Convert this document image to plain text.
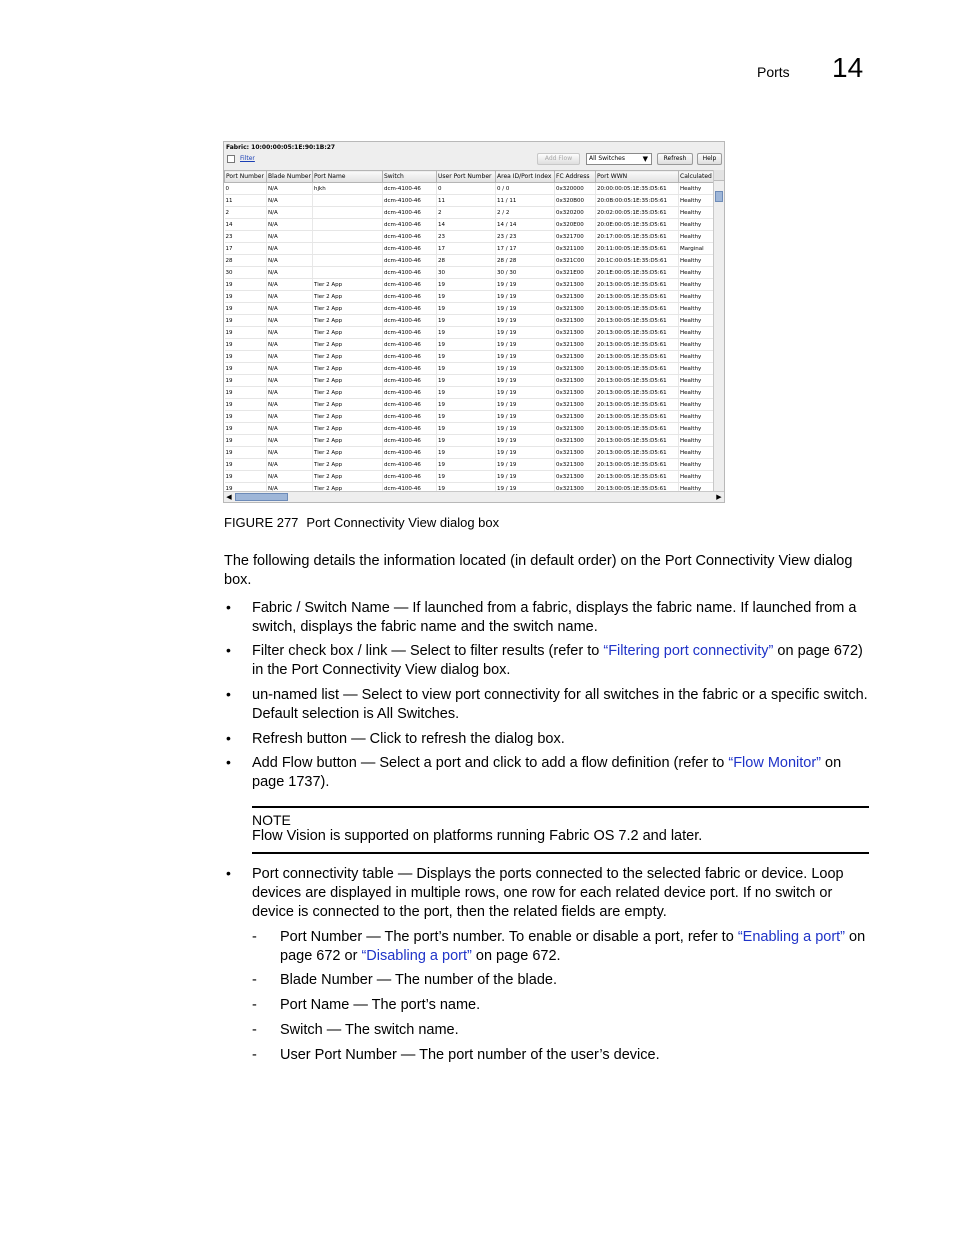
Ports 14
Fabric: 10:00:00:05:1E:90:1B:27
Filter	Add Flow	All Switches	▼	Refresh	Help
Port Number	Blade Number	Port Name	Switch	User Port Number	Area ID/Port Index	FC Address	Port WWN	Calculated
0	N/A	hjkh	dcm-4100-46	0	0 / 0	0x320000	20:00:00:05:1E:35:D5:61	Healthy
11	N/A		dcm-4100-46	11	11 / 11	0x320B00	20:0B:00:05:1E:35:D5:61	Healthy
2	N/A		dcm-4100-46	2	2 / 2	0x320200	20:02:00:05:1E:35:D5:61	Healthy
14	N/A		dcm-4100-46	14	14 / 14	0x320E00	20:0E:00:05:1E:35:D5:61	Healthy
23	N/A		dcm-4100-46	23	23 / 23	0x321700	20:17:00:05:1E:35:D5:61	Healthy
17	N/A		dcm-4100-46	17	17 / 17	0x321100	20:11:00:05:1E:35:D5:61	Marginal
28	N/A		dcm-4100-46	28	28 / 28	0x321C00	20:1C:00:05:1E:35:D5:61	Healthy
30	N/A		dcm-4100-46	30	30 / 30	0x321E00	20:1E:00:05:1E:35:D5:61	Healthy
19	N/A	Tier 2 App	dcm-4100-46	19	19 / 19	0x321300	20:13:00:05:1E:35:D5:61	Healthy
19	N/A	Tier 2 App	dcm-4100-46	19	19 / 19	0x321300	20:13:00:05:1E:35:D5:61	Healthy
19	N/A	Tier 2 App	dcm-4100-46	19	19 / 19	0x321300	20:13:00:05:1E:35:D5:61	Healthy
19	N/A	Tier 2 App	dcm-4100-46	19	19 / 19	0x321300	20:13:00:05:1E:35:D5:61	Healthy
19	N/A	Tier 2 App	dcm-4100-46	19	19 / 19	0x321300	20:13:00:05:1E:35:D5:61	Healthy
19	N/A	Tier 2 App	dcm-4100-46	19	19 / 19	0x321300	20:13:00:05:1E:35:D5:61	Healthy
19	N/A	Tier 2 App	dcm-4100-46	19	19 / 19	0x321300	20:13:00:05:1E:35:D5:61	Healthy
19	N/A	Tier 2 App	dcm-4100-46	19	19 / 19	0x321300	20:13:00:05:1E:35:D5:61	Healthy
19	N/A	Tier 2 App	dcm-4100-46	19	19 / 19	0x321300	20:13:00:05:1E:35:D5:61	Healthy
19	N/A	Tier 2 App	dcm-4100-46	19	19 / 19	0x321300	20:13:00:05:1E:35:D5:61	Healthy
19	N/A	Tier 2 App	dcm-4100-46	19	19 / 19	0x321300	20:13:00:05:1E:35:D5:61	Healthy
19	N/A	Tier 2 App	dcm-4100-46	19	19 / 19	0x321300	20:13:00:05:1E:35:D5:61	Healthy
19	N/A	Tier 2 App	dcm-4100-46	19	19 / 19	0x321300	20:13:00:05:1E:35:D5:61	Healthy
19	N/A	Tier 2 App	dcm-4100-46	19	19 / 19	0x321300	20:13:00:05:1E:35:D5:61	Healthy
19	N/A	Tier 2 App	dcm-4100-46	19	19 / 19	0x321300	20:13:00:05:1E:35:D5:61	Healthy
19	N/A	Tier 2 App	dcm-4100-46	19	19 / 19	0x321300	20:13:00:05:1E:35:D5:61	Healthy
19	N/A	Tier 2 App	dcm-4100-46	19	19 / 19	0x321300	20:13:00:05:1E:35:D5:61	Healthy
19	N/A	Tier 2 App	dcm-4100-46	19	19 / 19	0x321300	20:13:00:05:1E:35:D5:61	Healthy
◀	▶
FIGURE 277 Port Connectivity View dialog box
The following details the information located (in default order) on the Port Connectivity View dialog box.
• Fabric / Switch Name — If launched from a fabric, displays the fabric name. If launched from a switch, displays the fabric name and the switch name.
• Filter check box / link — Select to filter results (refer to “Filtering port connectivity” on page 672) in the Port Connectivity View dialog box.
• un-named list — Select to view port connectivity for all switches in the fabric or a specific switch. Default selection is All Switches.
• Refresh button — Click to refresh the dialog box.
• Add Flow button — Select a port and click to add a flow definition (refer to “Flow Monitor” on page 1737).
NOTE
Flow Vision is supported on platforms running Fabric OS 7.2 and later.
• Port connectivity table — Displays the ports connected to the selected fabric or device. Loop devices are displayed in multiple rows, one row for each related device port. If no switch or device is connected to the port, then the related fields are empty.
- Port Number — The port’s number. To enable or disable a port, refer to “Enabling a port” on page 672 or “Disabling a port” on page 672.
- Blade Number — The number of the blade.
- Port Name — The port’s name.
- Switch — The switch name.
- User Port Number — The port number of the user’s device.
